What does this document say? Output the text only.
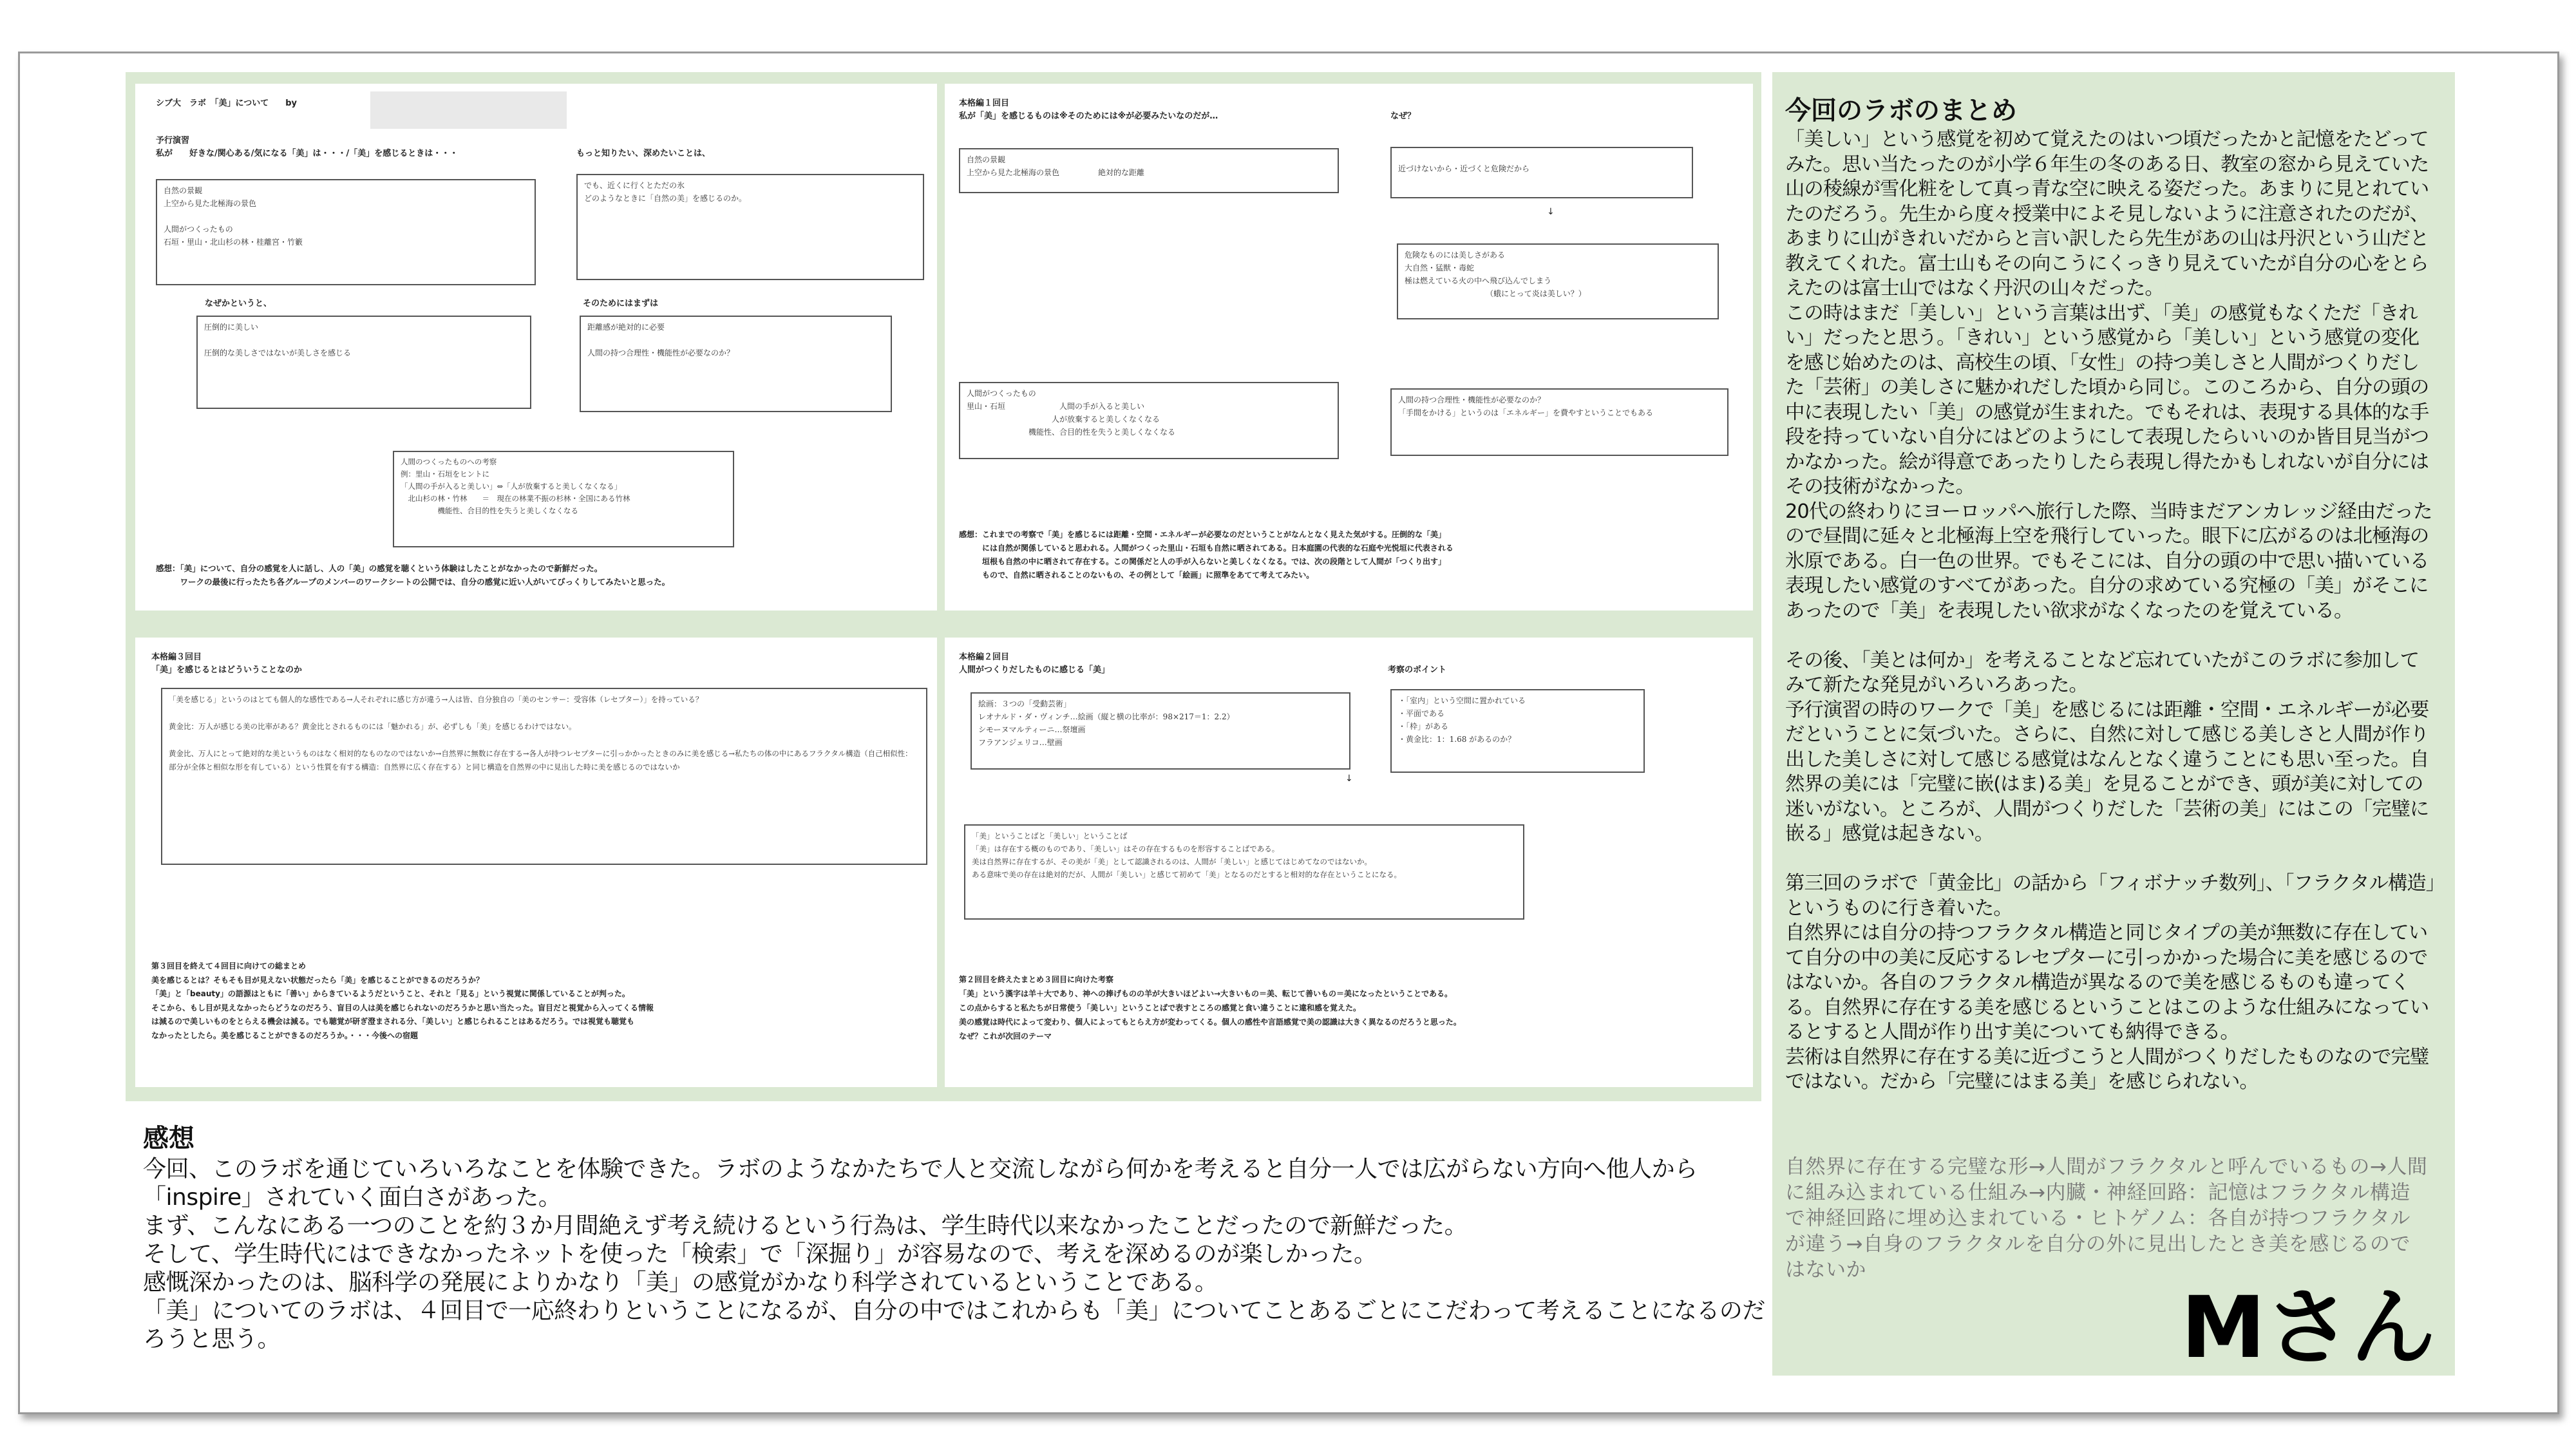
シブ大　ラボ　「美」について　　by
予行演習
私が　　好きな/関心ある/気になる「美」は・・・/「美」を感じるときは・・・	もっと知りたい、深めたいことは、
自然の景観
上空から見た北極海の景色

人間がつくったもの
石垣・里山・北山杉の林・桂離宮・竹籔
でも、近くに行くとただの氷
どのようなときに「自然の美」を感じるのか。
なぜかというと、	そのためにはまずは
圧倒的に美しい

圧倒的な美しさではないが美しさを感じる
距離感が絶対的に必要

人間の持つ合理性・機能性が必要なのか？
人間のつくったものへの考察
例：里山・石垣をヒントに
「人間の手が入ると美しい」⇔「人が放棄すると美しくなくなる」
　北山杉の林・竹林　　＝　現在の林業不振の杉林・全国にある竹林
　　　　　機能性、合目的性を失うと美しくなくなる
感想：「美」について、自分の感覚を人に話し、人の「美」の感覚を聴くという体験はしたことがなかったので新鮮だった。
　　　ワークの最後に行ったたち各グループのメンバーのワークシートの公開では、自分の感覚に近い人がいてびっくりしてみたいと思った。
本格編１回目
私が「美」を感じるものは※そのためには※が必要みたいなのだが…	なぜ？
自然の景観
上空から見た北極海の景色　　　　　絶対的な距離	近づけないから・近づくと危険だから
↓
危険なものには美しさがある
大自然・猛獣・毒蛇
極は燃えている火の中へ飛び込んでしまう
　　　　　　　　　　　（蛾にとって炎は美しい？）
人間がつくったもの
里山・石垣　　　　　　　人間の手が入ると美しい
　　　　　　　　　　　人が放棄すると美しくなくなる
　　　　　　　　機能性、合目的性を失うと美しくなくなる
人間の持つ合理性・機能性が必要なのか？
「手間をかける」というのは「エネルギー」を費やすということでもある
感想：これまでの考察で「美」を感じるには距離・空間・エネルギーが必要なのだということがなんとなく見えた気がする。圧倒的な「美」
　　　には自然が関係していると思われる。人間がつくった里山・石垣も自然に晒されてある。日本庭園の代表的な石庭や光悦垣に代表される
　　　垣根も自然の中に晒されて存在する。この関係だと人の手が入らないと美しくなくなる。では、次の段階として人間が「つくり出す」
　　　もので、自然に晒されることのないもの、その例として「絵画」に照準をあてて考えてみたい。
本格編３回目
「美」を感じるとはどういうことなのか
「美を感じる」というのはとても個人的な感性である→人それぞれに感じ方が違う→人は皆、自分独自の「美のセンサー：受容体（レセプター）」を持っている？

黄金比：万人が感じる美の比率がある？黄金比とされるものには「魅かれる」が、必ずしも「美」を感じるわけではない。

黄金比、万人にとって絶対的な美というものはなく相対的なものなのではないか→自然界に無数に存在する→各人が持つレセプターに引っかかったときのみに美を感じる→私たちの体の中にあるフラクタル構造（自己相似性：部分が全体と相似な形を有している）という性質を有する構造：自然界に広く存在する）と同じ構造を自然界の中に見出した時に美を感じるのではないか
第３回目を終えて４回目に向けての総まとめ
美を感じるとは？そもそも目が見えない状態だったら「美」を感じることができるのだろうか？
「美」と「beauty」の語源はともに「善い」からきているようだということ、それと「見る」という視覚に関係していることが判った。
そこから、もし目が見えなかったらどうなのだろう、盲目の人は美を感じられないのだろうかと思い当たった。盲目だと視覚から入ってくる情報
は減るので美しいものをとらえる機会は減る。でも聴覚が研ぎ澄まされる分、「美しい」と感じられることはあるだろう。では視覚も聴覚も
なかったとしたら。美を感じることができるのだろうか。・・・今後への宿題
本格編２回目
人間がつくりだしたものに感じる「美」	考察のポイント
絵画：３つの「受動芸術」
レオナルド・ダ・ヴィンチ…絵画（縦と横の比率が：98×217＝1：2.2）
シモーヌマルティーニ…祭壇画
フラアンジェリコ…壁画
・「室内」という空間に置かれている
・平面である
・「枠」がある
・黄金比：1：1.68 があるのか？
↓
「美」ということばと「美しい」ということば
「美」は存在する概のものであり、「美しい」はその存在するものを形容することばである。
美は自然界に存在するが、その美が「美」として認識されるのは、人間が「美しい」と感じてはじめてなのではないか。
ある意味で美の存在は絶対的だが、人間が「美しい」と感じて初めて「美」となるのだとすると相対的な存在ということになる。
第２回目を終えたまとめ３回目に向けた考察
「美」という漢字は羊＋大であり、神への捧げものの羊が大きいほどよい→大きいもの＝美、転じて善いもの＝美になったということである。
この点からすると私たちが日常使う「美しい」ということばで表すところの感覚と食い違うことに違和感を覚えた。
美の感覚は時代によって変わり、個人によってもとらえ方が変わってくる。個人の感性や言語感覚で美の認識は大きく異なるのだろうと思った。
なぜ？これが次回のテーマ
感想
今回、このラボを通じていろいろなことを体験できた。ラボのようなかたちで人と交流しながら何かを考えると自分一人では広がらない方向へ他人から「inspire」されていく面白さがあった。
まず、こんなにある一つのことを約３か月間絶えず考え続けるという行為は、学生時代以来なかったことだったので新鮮だった。
そして、学生時代にはできなかったネットを使った「検索」で「深掘り」が容易なので、考えを深めるのが楽しかった。
感慨深かったのは、脳科学の発展によりかなり「美」の感覚がかなり科学されているということである。
「美」についてのラボは、４回目で一応終わりということになるが、自分の中ではこれからも「美」についてことあるごとにこだわって考えることになるのだろうと思う。
今回のラボのまとめ
「美しい」という感覚を初めて覚えたのはいつ頃だったかと記憶をたどってみた。思い当たったのが小学６年生の冬のある日、教室の窓から見えていた山の稜線が雪化粧をして真っ青な空に映える姿だった。あまりに見とれていたのだろう。先生から度々授業中によそ見しないように注意されたのだが、あまりに山がきれいだからと言い訳したら先生があの山は丹沢という山だと教えてくれた。富士山もその向こうにくっきり見えていたが自分の心をとらえたのは富士山ではなく丹沢の山々だった。
この時はまだ「美しい」という言葉は出ず、「美」の感覚もなくただ「きれい」だったと思う。「きれい」という感覚から「美しい」という感覚の変化を感じ始めたのは、高校生の頃、「女性」の持つ美しさと人間がつくりだした「芸術」の美しさに魅かれだした頃から同じ。このころから、自分の頭の中に表現したい「美」の感覚が生まれた。でもそれは、表現する具体的な手段を持っていない自分にはどのようにして表現したらいいのか皆目見当がつかなかった。絵が得意であったりしたら表現し得たかもしれないが自分にはその技術がなかった。
20代の終わりにヨーロッパへ旅行した際、当時まだアンカレッジ経由だったので昼間に延々と北極海上空を飛行していった。眼下に広がるのは北極海の氷原である。白一色の世界。でもそこには、自分の頭の中で思い描いている表現したい感覚のすべてがあった。自分の求めている究極の「美」がそこにあったので「美」を表現したい欲求がなくなったのを覚えている。

その後、「美とは何か」を考えることなど忘れていたがこのラボに参加してみて新たな発見がいろいろあった。
予行演習の時のワークで「美」を感じるには距離・空間・エネルギーが必要だということに気づいた。さらに、自然に対して感じる美しさと人間が作り出した美しさに対して感じる感覚はなんとなく違うことにも思い至った。自然界の美には「完璧に嵌(はま)る美」を見ることができ、頭が美に対しての迷いがない。ところが、人間がつくりだした「芸術の美」にはこの「完璧に嵌る」感覚は起きない。

第三回のラボで「黄金比」の話から「フィボナッチ数列」、「フラクタル構造」というものに行き着いた。
自然界には自分の持つフラクタル構造と同じタイプの美が無数に存在していて自分の中の美に反応するレセプターに引っかかった場合に美を感じるのではないか。各自のフラクタル構造が異なるので美を感じるものも違ってくる。自然界に存在する美を感じるということはこのような仕組みになっているとすると人間が作り出す美についても納得できる。
芸術は自然界に存在する美に近づこうと人間がつくりだしたものなので完璧ではない。だから「完璧にはまる美」を感じられない。
自然界に存在する完璧な形→人間がフラクタルと呼んでいるもの→人間に組み込まれている仕組み→内臓・神経回路：記憶はフラクタル構造で神経回路に埋め込まれている・ヒトゲノム：各自が持つフラクタルが違う→自身のフラクタルを自分の外に見出したとき美を感じるのではないか
Mさん
